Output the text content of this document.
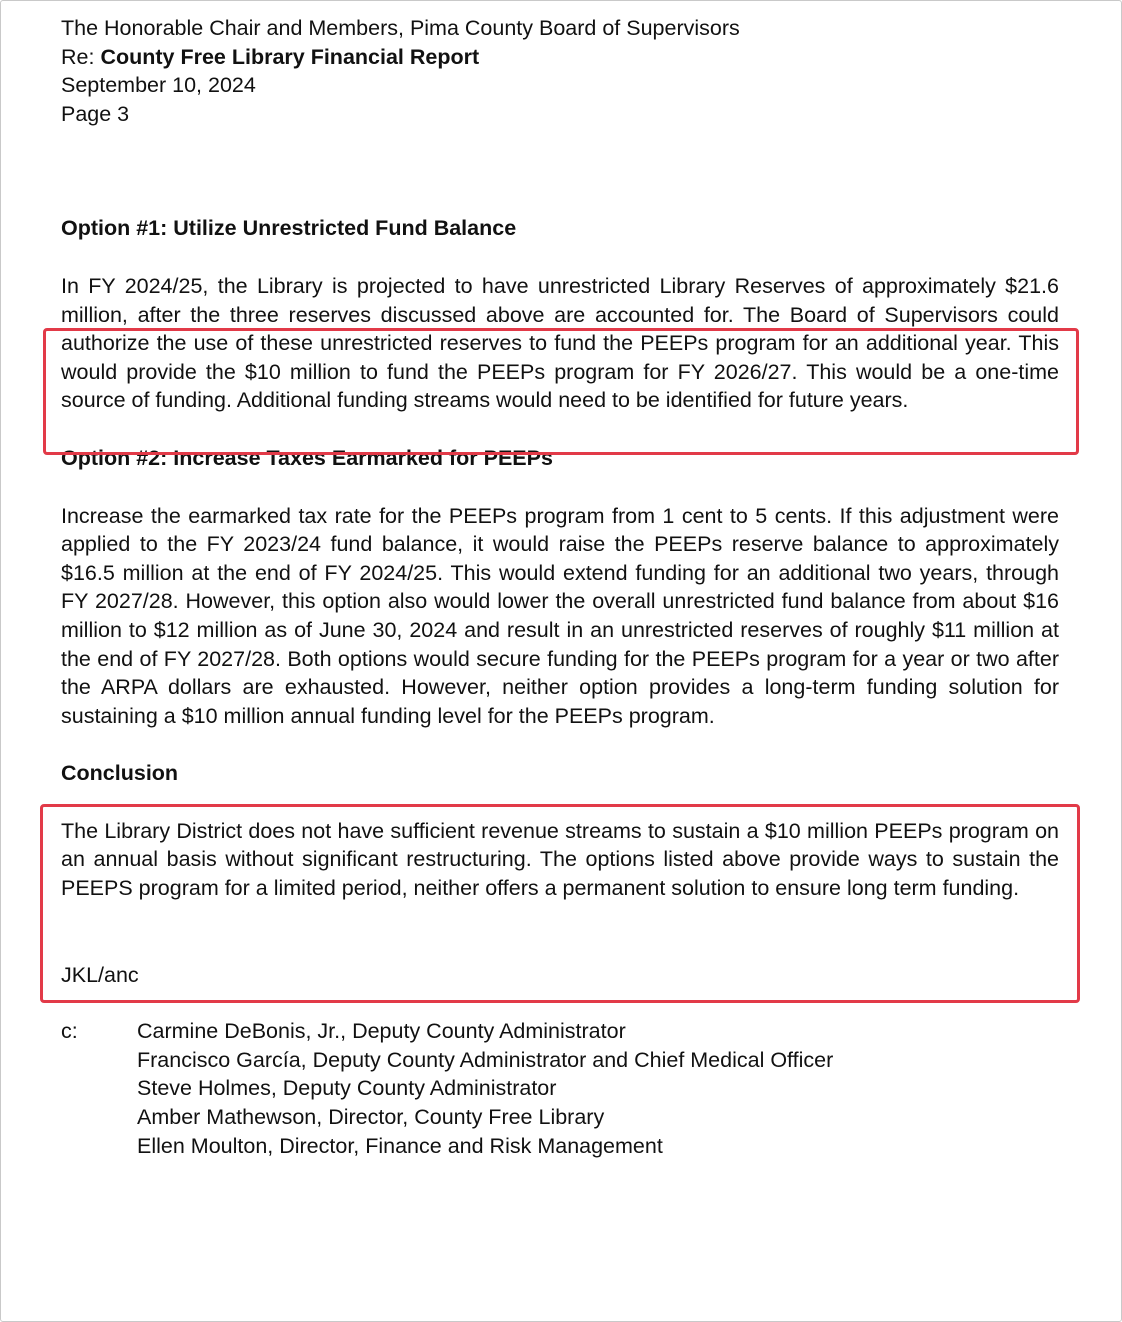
The Honorable Chair and Members, Pima County Board of Supervisors
Re: County Free Library Financial Report
September 10, 2024
Page 3
Option #1: Utilize Unrestricted Fund Balance

In FY 2024/25, the Library is projected to have unrestricted Library Reserves of approximately $21.6 million, after the three reserves discussed above are accounted for. The Board of Supervisors could authorize the use of these unrestricted reserves to fund the PEEPs program for an additional year. This would provide the $10 million to fund the PEEPs program for FY 2026/27. This would be a one-time source of funding. Additional funding streams would need to be identified for future years.

Option #2: Increase Taxes Earmarked for PEEPs

Increase the earmarked tax rate for the PEEPs program from 1 cent to 5 cents. If this adjustment were applied to the FY 2023/24 fund balance, it would raise the PEEPs reserve balance to approximately $16.5 million at the end of FY 2024/25. This would extend funding for an additional two years, through FY 2027/28. However, this option also would lower the overall unrestricted fund balance from about $16 million to $12 million as of June 30, 2024 and result in an unrestricted reserves of roughly $11 million at the end of FY 2027/28. Both options would secure funding for the PEEPs program for a year or two after the ARPA dollars are exhausted. However, neither option provides a long-term funding solution for sustaining a $10 million annual funding level for the PEEPs program.

Conclusion

The Library District does not have sufficient revenue streams to sustain a $10 million PEEPs program on an annual basis without significant restructuring. The options listed above provide ways to sustain the PEEPS program for a limited period, neither offers a permanent solution to ensure long term funding.

JKL/anc
c:	Carmine DeBonis, Jr., Deputy County Administrator
Francisco García, Deputy County Administrator and Chief Medical Officer
Steve Holmes, Deputy County Administrator
Amber Mathewson, Director, County Free Library
Ellen Moulton, Director, Finance and Risk Management
